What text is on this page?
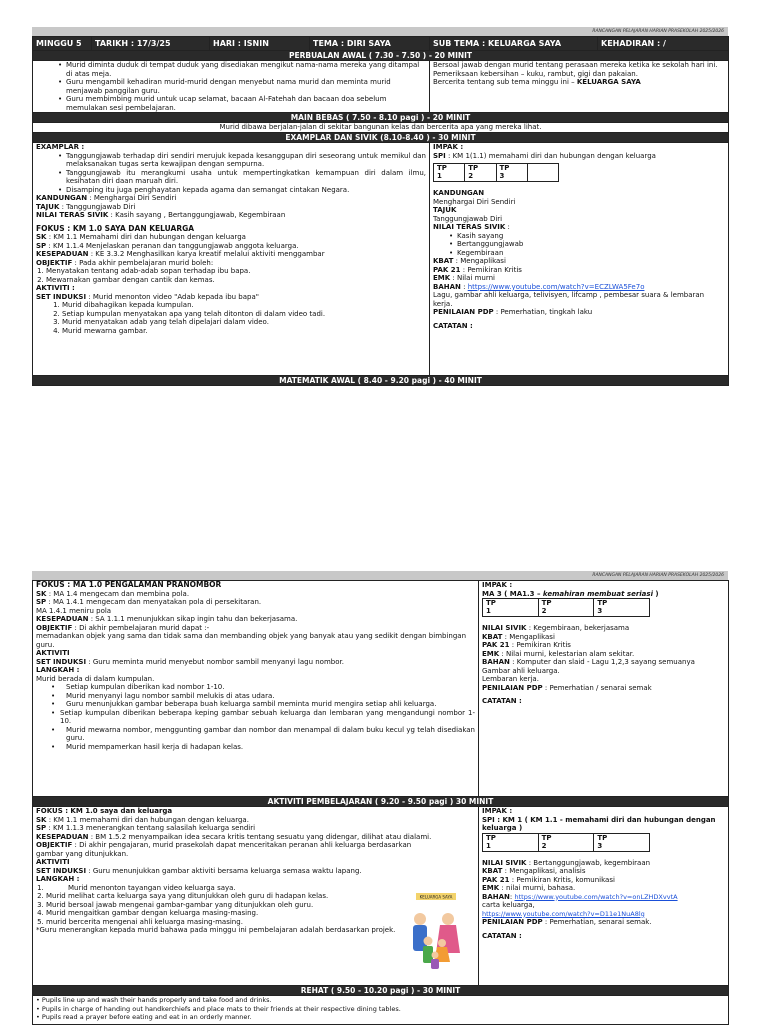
RANCANGAN PELAJARAN HARIAN PRASEKOLAH 2025/2026
MINGGU 5	TARIKH : 17/3/25	HARI : ISNIN	TEMA : DIRI SAYA	SUB TEMA : KELUARGA SAYA	KEHADIRAN : /
PERBUALAN AWAL ( 7.30 - 7.50 ) - 20 MINIT

• Murid diminta duduk di tempat duduk yang disediakan mengikut nama-nama mereka yang ditampal di atas meja.
• Guru mengambil kehadiran murid-murid dengan menyebut nama murid dan meminta murid menjawab panggilan guru.
• Guru membimbing murid untuk ucap selamat, bacaan Al-Fatehah dan bacaan doa sebelum memulakan sesi pembelajaran.

Bersoal jawab dengan murid tentang perasaan mereka ketika ke sekolah hari ini.

Pemeriksaan kebersihan – kuku, rambut, gigi dan pakaian.

Bercerita tentang sub tema minggu ini – KELUARGA SAYA

MAIN BEBAS ( 7.50 - 8.10 pagi ) - 20 MINIT
Murid dibawa berjalan-jalan di sekitar bangunan kelas dan bercerita apa yang mereka lihat.
EXAMPLAR DAN SIVIK (8.10-8.40 ) - 30 MINIT

EXAMPLAR :

• Tanggungjawab terhadap diri sendiri merujuk kepada kesanggupan diri seseorang untuk memikul dan melaksanakan tugas serta kewajipan dengan sempurna.
• Tanggungjawab itu merangkumi usaha untuk mempertingkatkan kemampuan diri dalam ilmu, kesihatan diri daan maruah diri.
• Disamping itu juga penghayatan kepada agama dan semangat cintakan Negara.

KANDUNGAN : Menghargai Diri Sendiri

TAJUK : Tanggungjawab Diri

NILAI TERAS SIVIK : Kasih sayang , Bertanggungjawab, Kegembiraan

FOKUS : KM 1.0 SAYA DAN KELUARGA

SK : KM 1.1 Memahami diri dan hubungan dengan keluarga

SP : KM 1.1.4 Menjelaskan peranan dan tanggungjawab anggota keluarga.

KESEPADUAN : KE 3.3.2 Menghasilkan karya kreatif melalui aktiviti menggambar

OBJEKTIF : Pada akhir pembelajaran murid boleh:

1. Menyatakan tentang adab-adab sopan terhadap ibu bapa.
2. Mewarnakan gambar dengan cantik dan kemas.

AKTIVITI :

SET INDUKSI : Murid menonton video "Adab kepada ibu bapa"

1. Murid dibahagikan kepada kumpulan.
2. Setiap kumpulan menyatakan apa yang telah ditonton di dalam video tadi.
3. Murid menyatakan adab yang telah dipelajari dalam video.
4. Murid mewarna gambar.

IMPAK :

SPI : KM 1(1.1) memahami diri dan hubungan dengan keluarga

TP
1	TP
2	TP
3	

KANDUNGAN

Menghargai Diri Sendiri

TAJUK

Tanggungjawab Diri

NILAI TERAS SIVIK :

• Kasih sayang
• Bertanggungjawab
• Kegembiraan

KBAT : Mengaplikasi

PAK 21 : Pemikiran Kritis

EMK : Nilai murni

BAHAN : https://www.youtube.com/watch?v=ECZLWA5Fe7o

Lagu, gambar ahli keluarga, telivisyen, lifcamp , pembesar suara & lembaran kerja.

PENILAIAN PDP : Pemerhatian, tingkah laku

CATATAN :

MATEMATIK AWAL ( 8.40 - 9.20 pagi ) - 40 MINIT
RANCANGAN PELAJARAN HARIAN PRASEKOLAH 2025/2026

FOKUS : MA 1.0 PENGALAMAN PRANOMBOR

SK : MA 1.4 mengecam dan membina pola.

SP : MA 1.4.1 mengecam dan menyatakan pola di persekitaran.

MA 1.4.1 meniru pola

KESEPADUAN : SA 1.1.1 menunjukkan sikap ingin tahu dan bekerjasama.

OBJEKTIF : Di akhir pembelajaran murid dapat :-

memadankan objek yang sama dan tidak sama dan membanding objek yang banyak atau yang sedikit dengan bimbingan guru.

AKTIVITI

SET INDUKSI : Guru meminta murid menyebut nombor sambil menyanyi lagu nombor.

LANGKAH :

Murid berada di dalam kumpulan.

• Setiap kumpulan diberikan kad nombor 1-10.
• Murid menyanyi lagu nombor sambil melukis di atas udara.
• Guru menunjukkan gambar beberapa buah keluarga sambil meminta murid mengira setiap ahli keluarga.
• Setiap kumpulan diberikan beberapa keping gambar sebuah keluarga dan lembaran yang mengandungi nombor 1-10.
• Murid mewarna nombor, menggunting gambar dan nombor dan menampal di dalam buku kecul yg telah disediakan guru.
• Murid mempamerkan hasil kerja di hadapan kelas.

IMPAK :

MA 3 ( MA1.3 – kemahiran membuat seriasi )

TP
1	TP
2	TP
3

NILAI SIVIK : Kegembiraan, bekerjasama

KBAT : Mengaplikasi

PAK 21 : Pemikiran Kritis

EMK : Nilai murni, kelestarian alam sekitar.

BAHAN : Komputer dan slaid - Lagu 1,2,3 sayang semuanya

Gambar ahli keluarga.

Lembaran kerja.

PENILAIAN PDP : Pemerhatian / senarai semak

CATATAN :

AKTIVITI PEMBELAJARAN ( 9.20 - 9.50 pagi ) 30 MINIT

FOKUS : KM 1.0 saya dan keluarga

SK : KM 1.1 memahami diri dan hubungan dengan keluarga.

SP : KM 1.1.3 menerangkan tentang salasilah keluarga sendiri

KESEPADUAN : BM 1.5.2 menyampaikan idea secara kritis tentang sesuatu yang didengar, dilihat atau dialami.

OBJEKTIF : Di akhir pengajaran, murid prasekolah dapat menceritakan peranan ahli keluarga berdasarkan gambar yang ditunjukkan.

AKTIVITI

SET INDUKSI : Guru menunjukkan gambar aktiviti bersama keluarga semasa waktu lapang.

LANGKAH :

1. Murid menonton tayangan video keluarga saya.
2. Murid melihat carta keluarga saya yang ditunjukkan oleh guru di hadapan kelas.
3. Murid bersoal jawab mengenai gambar-gambar yang ditunjukkan oleh guru.
4. Murid mengaitkan gambar dengan keluarga masing-masing.
5. murid bercerita mengenai ahli keluarga masing-masing.

*Guru menerangkan kepada murid bahawa pada minggu ini pembelajaran adalah berdasarkan projek.

KELUARGA SAYA

IMPAK :

SPI : KM 1 ( KM 1.1 - memahami diri dan hubungan dengan keluarga )

TP
1	TP
2	TP
3

NILAI SIVIK : Bertanggungjawab, kegembiraan

KBAT : Mengaplikasi, analisis

PAK 21 : Pemikiran Kritis, komunikasi

EMK : nilai murni, bahasa.

BAHAN: https://www.youtube.com/watch?v=onLZHDXvvtA

carta keluarga,

https://www.youtube.com/watch?v=D11e1NuA8lg

PENILAIAN PDP : Pemerhatian, senarai semak.

CATATAN :

REHAT ( 9.50 - 10.20 pagi ) - 30 MINIT

• Pupils line up and wash their hands properly and take food and drinks.

• Pupils in charge of handing out handkerchiefs and place mats to their friends at their respective dining tables.

• Pupils read a prayer before eating and eat in an orderly manner.
